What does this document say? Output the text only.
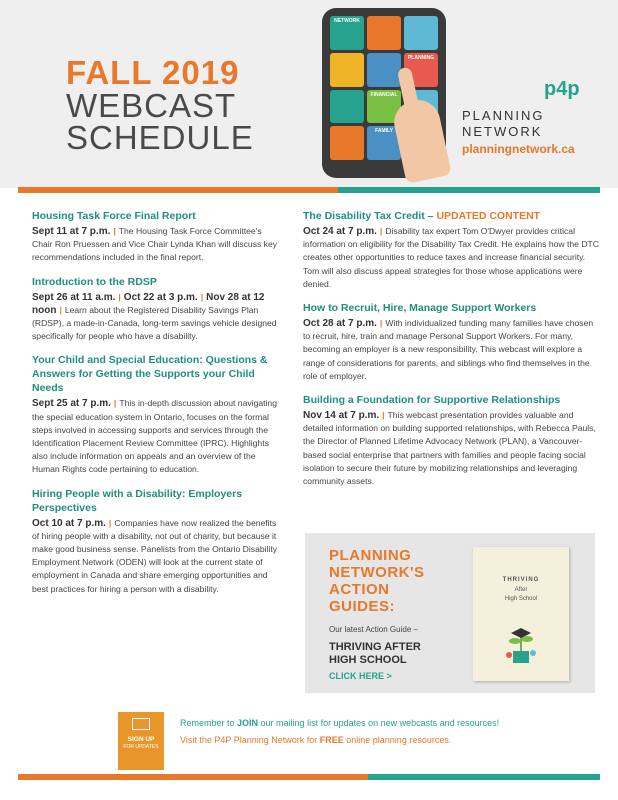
FALL 2019
WEBCAST
SCHEDULE
NETWORK
PLANNING
FINANCIAL
FAMILY
p4p
PLANNING
NETWORK
planningnetwork.ca
Housing Task Force Final Report
Sept 11 at 7 p.m. | The Housing Task Force Committee's Chair Ron Pruessen and Vice Chair Lynda Khan will discuss key recommendations included in the final report.
Introduction to the RDSP
Sept 26 at 11 a.m. | Oct 22 at 3 p.m. | Nov 28 at 12 noon | Learn about the Registered Disability Savings Plan (RDSP), a made-in-Canada, long-term savings vehicle designed specifically for people who have a disability.
Your Child and Special Education: Questions & Answers for Getting the Supports your Child Needs
Sept 25 at 7 p.m. | This in-depth discussion about navigating the special education system in Ontario, focuses on the formal steps involved in accessing supports and services through the Identification Placement Review Committee (IPRC). Highlights also include information on appeals and an overview of the Human Rights code pertaining to education.
Hiring People with a Disability: Employers Perspectives
Oct 10 at 7 p.m. | Companies have now realized the benefits of hiring people with a disability, not out of charity, but because it make good business sense. Panelists from the Ontario Disability Employment Network (ODEN) will look at the current state of employment in Canada and share emerging opportunities and best practices for hiring a person with a disability.
The Disability Tax Credit – UPDATED CONTENT
Oct 24 at 7 p.m. | Disability tax expert Tom O'Dwyer provides critical information on eligibility for the Disability Tax Credit. He explains how the DTC creates other opportunities to reduce taxes and increase financial security. Tom will also discuss appeal strategies for those whose applications were denied.
How to Recruit, Hire, Manage Support Workers
Oct 28 at 7 p.m. | With individualized funding many families have chosen to recruit, hire, train and manage Personal Support Workers. For many, becoming an employer is a new responsibility. This webcast will explore a range of considerations for parents, and siblings who find themselves in the role of employer.
Building a Foundation for Supportive Relationships
Nov 14 at 7 p.m. | This webcast presentation provides valuable and detailed information on building supported relationships, with Rebecca Pauls, the Director of Planned Lifetime Advocacy Network (PLAN), a Vancouver-based social enterprise that partners with families and people facing social isolation to secure their future by mobilizing relationships and leveraging community assets.
PLANNING
NETWORK'S
ACTION
GUIDES:
Our latest Action Guide –
THRIVING AFTER
HIGH SCHOOL
CLICK HERE >
THRIVING
After
High School
SIGN UP
FOR UPDATES
Remember to JOIN our mailing list for updates on new webcasts and resources!
Visit the P4P Planning Network for FREE online planning resources.
